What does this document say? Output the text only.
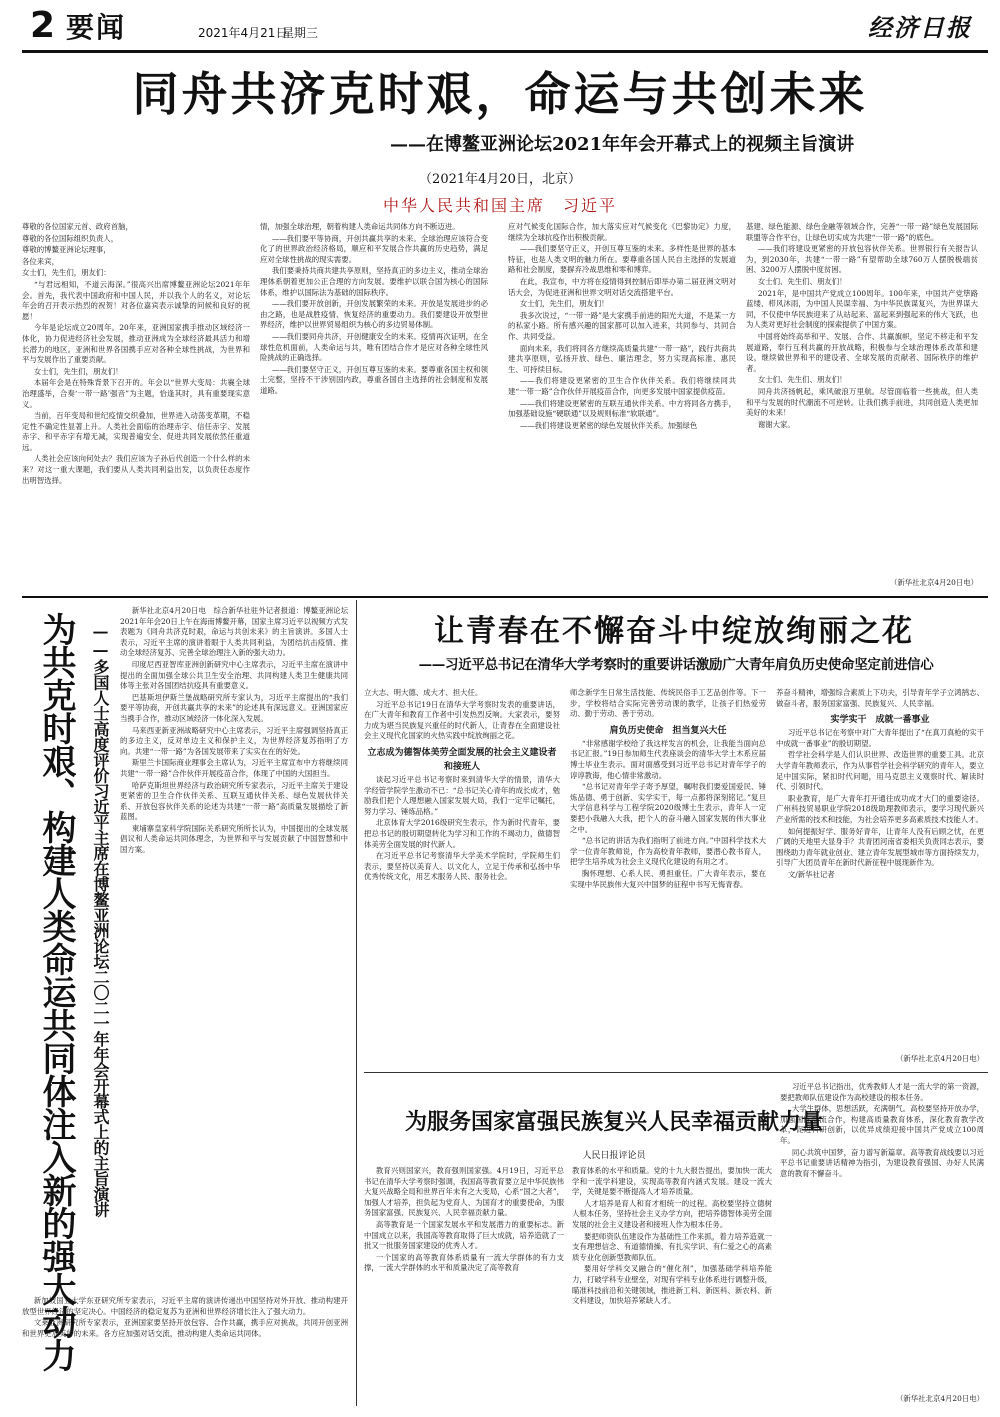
2 要闻	2021年4月21日
星期三	经济日报
同舟共济克时艰，命运与共创未来
——在博鳌亚洲论坛2021年年会开幕式上的视频主旨演讲
（2021年4月20日，北京）
中华人民共和国主席　习近平

尊敬的各位国家元首、政府首脑，

尊敬的各位国际组织负责人，

尊敬的博鳌亚洲论坛理事，

各位来宾，

女士们，先生们，朋友们：

“与君远相知，不道云海深。”很高兴出席博鳌亚洲论坛2021年年会。首先，我代表中国政府和中国人民，并以我个人的名义，对论坛年会的召开表示热烈的祝贺！对各位嘉宾表示诚挚的问候和良好的祝愿！

今年是论坛成立20周年。20年来，亚洲国家携手推动区域经济一体化，协力促进经济社会发展，推动亚洲成为全球经济最具活力和增长潜力的地区。亚洲和世界各国携手应对各种全球性挑战，为世界和平与发展作出了重要贡献。

女士们，先生们，朋友们！

本届年会是在特殊背景下召开的。年会以“世界大变局：共襄全球治理盛举，合奏‘一带一路’强音”为主题，恰逢其时，具有重要现实意义。

当前，百年变局和世纪疫情交织叠加，世界进入动荡变革期，不稳定性不确定性显著上升。人类社会面临的治理赤字、信任赤字、发展赤字、和平赤字有增无减，实现普遍安全、促进共同发展依然任重道远。

人类社会应该向何处去？我们应该为子孙后代创造一个什么样的未来？对这一重大课题，我们要从人类共同利益出发，以负责任态度作出明智选择。

情，加强全球治理，朝着构建人类命运共同体方向不断迈进。

——我们要平等协商，开创共赢共享的未来。全球治理应该符合变化了的世界政治经济格局，顺应和平发展合作共赢的历史趋势，满足应对全球性挑战的现实需要。

我们要秉持共商共建共享原则，坚持真正的多边主义，推动全球治理体系朝着更加公正合理的方向发展。要维护以联合国为核心的国际体系，维护以国际法为基础的国际秩序。

——我们要开放创新，开创发展繁荣的未来。开放是发展进步的必由之路，也是战胜疫情、恢复经济的重要动力。我们要建设开放型世界经济，维护以世界贸易组织为核心的多边贸易体制。

——我们要同舟共济，开创健康安全的未来。疫情再次证明，在全球性危机面前，人类命运与共，唯有团结合作才是应对各种全球性风险挑战的正确选择。

——我们要坚守正义，开创互尊互鉴的未来。要尊重各国主权和领土完整，坚持不干涉别国内政，尊重各国自主选择的社会制度和发展道路。

应对气候变化国际合作，加大落实应对气候变化《巴黎协定》力度，继续为全球抗疫作出积极贡献。

——我们要坚守正义，开创互尊互鉴的未来。多样性是世界的基本特征，也是人类文明的魅力所在。要尊重各国人民自主选择的发展道路和社会制度，要摒弃冷战思维和零和博弈。

在此，我宣布，中方将在疫情得到控制后即举办第二届亚洲文明对话大会，为促进亚洲和世界文明对话交流搭建平台。

女士们，先生们，朋友们！

我多次说过，“一带一路”是大家携手前进的阳光大道，不是某一方的私家小路。所有感兴趣的国家都可以加入进来，共同参与、共同合作、共同受益。

面向未来，我们将同各方继续高质量共建“一带一路”，践行共商共建共享原则，弘扬开放、绿色、廉洁理念，努力实现高标准、惠民生、可持续目标。

——我们将建设更紧密的卫生合作伙伴关系。我们将继续同共建“一带一路”合作伙伴开展疫苗合作，向更多发展中国家提供疫苗。

——我们将建设更紧密的互联互通伙伴关系。中方将同各方携手，加强基础设施“硬联通”以及规则标准“软联通”。

——我们将建设更紧密的绿色发展伙伴关系。加强绿色

基建、绿色能源、绿色金融等领域合作，完善“一带一路”绿色发展国际联盟等合作平台，让绿色切实成为共建“一带一路”的底色。

——我们将建设更紧密的开放包容伙伴关系。世界银行有关报告认为，到2030年，共建“一带一路”有望帮助全球760万人摆脱极端贫困、3200万人摆脱中度贫困。

女士们、先生们、朋友们！

2021年，是中国共产党成立100周年。100年来，中国共产党筚路蓝缕、栉风沐雨，为中国人民谋幸福、为中华民族谋复兴，为世界谋大同，不仅使中华民族迎来了从站起来、富起来到强起来的伟大飞跃，也为人类对更好社会制度的探索提供了中国方案。

中国将始终高举和平、发展、合作、共赢旗帜，坚定不移走和平发展道路，奉行互利共赢的开放战略，积极参与全球治理体系改革和建设，继续做世界和平的建设者、全球发展的贡献者、国际秩序的维护者。

女士们、先生们、朋友们！

同舟共济扬帆起，乘风破浪万里航。尽管面临着一些挑战，但人类和平与发展的时代潮流不可逆转。让我们携手前进，共同创造人类更加美好的未来！

谢谢大家。

（新华社北京4月20日电）
为共克时艰、构建人类命运共同体注入新的强大动力 ——多国人士高度评价习近平主席在博鳌亚洲论坛二〇二一年年会开幕式上的主旨演讲

新华社北京4月20日电　综合新华社驻外记者报道：博鳌亚洲论坛2021年年会20日上午在海南博鳌开幕，国家主席习近平以视频方式发表题为《同舟共济克时艰，命运与共创未来》的主旨演讲。多国人士表示，习近平主席的演讲着眼于人类共同利益，为团结抗击疫情、推动全球经济复苏、完善全球治理注入新的强大动力。

印度尼西亚智库亚洲创新研究中心主席表示，习近平主席在演讲中提出的全面加强全球公共卫生安全治理、共同构建人类卫生健康共同体等主张对各国团结抗疫具有重要意义。

巴基斯坦伊斯兰堡战略研究所专家认为，习近平主席提出的“我们要平等协商，开创共赢共享的未来”的论述具有深远意义。亚洲国家应当携手合作，推动区域经济一体化深入发展。

马来西亚新亚洲战略研究中心主席表示，习近平主席强调坚持真正的多边主义，反对单边主义和保护主义，为世界经济复苏指明了方向。共建“一带一路”为各国发展带来了实实在在的好处。

斯里兰卡国际商业理事会主席认为，习近平主席宣布中方将继续同共建“一带一路”合作伙伴开展疫苗合作，体现了中国的大国担当。

哈萨克斯坦世界经济与政治研究所专家表示，习近平主席关于建设更紧密的卫生合作伙伴关系、互联互通伙伴关系、绿色发展伙伴关系、开放包容伙伴关系的论述为共建“一带一路”高质量发展描绘了新蓝图。

柬埔寨皇家科学院国际关系研究所所长认为，中国提出的全球发展倡议和人类命运共同体理念，为世界和平与发展贡献了中国智慧和中国方案。

新加坡国立大学东亚研究所专家表示，习近平主席的演讲传递出中国坚持对外开放、推动构建开放型世界经济的坚定决心。中国经济的稳定复苏为亚洲和世界经济增长注入了强大动力。

文莱亚洲研究所专家表示，亚洲国家要坚持开放包容、合作共赢，携手应对挑战，共同开创亚洲和世界更加美好的未来。各方应加强对话交流，推动构建人类命运共同体。

让青春在不懈奋斗中绽放绚丽之花
——习近平总书记在清华大学考察时的重要讲话激励广大青年肩负历史使命坚定前进信心

立大志、明大德、成大才、担大任。

习近平总书记19日在清华大学考察时发表的重要讲话，在广大青年和教育工作者中引发热烈反响。大家表示，要努力成为堪当民族复兴重任的时代新人，让青春在全面建设社会主义现代化国家的火热实践中绽放绚丽之花。

立志成为德智体美劳全面发展的社会主义建设者和接班人

谈起习近平总书记考察时来到清华大学的情景，清华大学经管学院学生激动不已：“总书记关心青年的成长成才，勉励我们把个人理想融入国家发展大局，我们一定牢记嘱托，努力学习、锤炼品格。”

北京体育大学2016级研究生表示，作为新时代青年，要把总书记的殷切期望转化为学习和工作的不竭动力，做德智体美劳全面发展的时代新人。

在习近平总书记考察清华大学美术学院时，学院师生们表示，要坚持以美育人、以文化人，立足于传承和弘扬中华优秀传统文化，用艺术服务人民、服务社会。

师念新学生日常生活技能、传统民俗手工艺品创作等。下一步，学校将结合实际完善劳动课的教学，让孩子们热爱劳动、勤于劳动、善于劳动。

肩负历史使命　担当复兴大任

“非常感谢学校给了我这样发言的机会，让我能当面向总书记汇报。”19日参加师生代表座谈会的清华大学土木系应届博士毕业生表示。面对面感受到习近平总书记对青年学子的谆谆教诲，他心情非常激动。

“总书记对青年学子寄予厚望，嘱咐我们要爱国爱民、锤炼品德、勇于创新、实学实干，每一点都将深刻铭记。”复旦大学信息科学与工程学院2020级博士生表示，青年人一定要把小我融入大我，把个人的奋斗融入国家发展的伟大事业之中。

“总书记的讲话为我们指明了前进方向。”中国科学技术大学一位青年教师说，作为高校青年教师，要潜心教书育人，把学生培养成为社会主义现代化建设的有用之才。

胸怀理想、心系人民、勇担重任。广大青年表示，要在实现中华民族伟大复兴中国梦的征程中书写无悔青春。

养奋斗精神，增强综合素质上下功夫，引导青年学子立鸿鹄志、做奋斗者，服务国家富强、民族复兴、人民幸福。

实学实干　成就一番事业

习近平总书记在考察中对广大青年提出了“在真刀真枪的实干中成就一番事业”的殷切期望。

哲学社会科学是人们认识世界、改造世界的重要工具。北京大学青年教师表示，作为从事哲学社会科学研究的青年人，要立足中国实际，紧扣时代问题，用马克思主义观察时代、解读时代、引领时代。

职业教育，是广大青年打开通往成功成才大门的重要途径。广州科技贸易职业学院2018级助理教师表示，要学习现代新兴产业所需的技术和技能，为社会培养更多高素质技术技能人才。

如何提振好学、服务好青年，让青年人没有后顾之忧，在更广阔的天地里大显身手？共青团河南省委相关负责同志表示，要围绕助力青年就业创业、建立青年发展型城市等方面持续发力，引导广大团员青年在新时代新征程中展现新作为。

文/新华社记者

（新华社北京4月20日电）
为服务国家富强民族复兴人民幸福贡献力量
人民日报评论员

教育兴则国家兴，教育强则国家强。4月19日，习近平总书记在清华大学考察时强调，我国高等教育要立足中华民族伟大复兴战略全局和世界百年未有之大变局，心系“国之大者”，加强人才培养，担负起为党育人、为国育才的重要使命，为服务国家富强、民族复兴、人民幸福贡献力量。

高等教育是一个国家发展水平和发展潜力的重要标志。新中国成立以来，我国高等教育取得了巨大成就，培养造就了一批又一批服务国家建设的优秀人才。

一个国家的高等教育体系质量有一流大学群体的有力支撑，一流大学群体的水平和质量决定了高等教育

教育体系的水平和质量。党的十九大报告提出，要加快一流大学和一流学科建设，实现高等教育内涵式发展。建设一流大学，关键是要不断提高人才培养质量。

人才培养是育人和育才相统一的过程。高校要坚持立德树人根本任务，坚持社会主义办学方向，把培养德智体美劳全面发展的社会主义建设者和接班人作为根本任务。

要把师资队伍建设作为基础性工作来抓，着力培养造就一支有理想信念、有道德情操、有扎实学识、有仁爱之心的高素质专业化创新型教师队伍。

要用好学科交叉融合的“催化剂”，加强基础学科培养能力，打破学科专业壁垒，对现有学科专业体系进行调整升级，瞄准科技前沿和关键领域，推进新工科、新医科、新农科、新文科建设，加快培养紧缺人才。

习近平总书记指出，优秀教师人才是一流大学的第一资源，要把教师队伍建设作为高校建设的根本任务。

大学生群体，思想活跃，充满朝气。高校要坚持开放办学，加强国际交流合作，构建高质量教育体系，深化教育教学改革，促进科研创新，以优异成绩迎接中国共产党成立100周年。

同心共筑中国梦，奋力谱写新篇章。高等教育战线要以习近平总书记重要讲话精神为指引，为建设教育强国、办好人民满意的教育不懈奋斗。

（新华社北京4月20日电）
